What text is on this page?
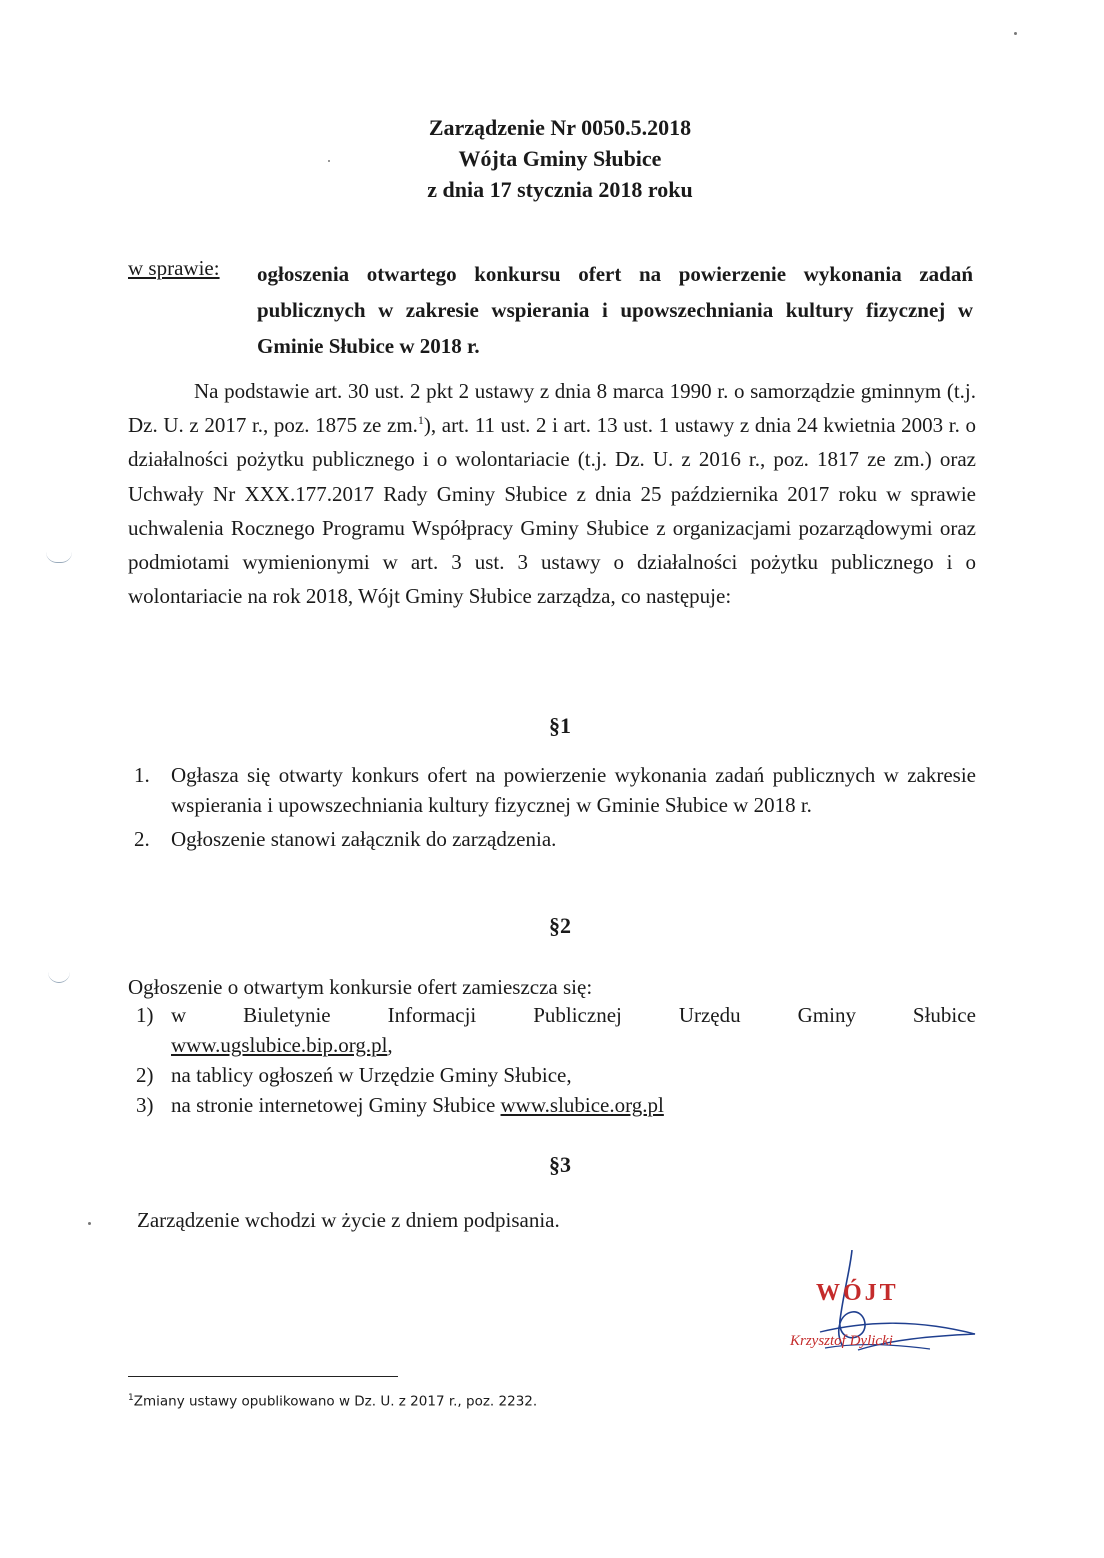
Zarządzenie Nr 0050.5.2018
Wójta Gminy Słubice
z dnia 17 stycznia 2018 roku
w sprawie: ogłoszenia otwartego konkursu ofert na powierzenie wykonania zadań publicznych w zakresie wspierania i upowszechniania kultury fizycznej w Gminie Słubice w 2018 r.
Na podstawie art. 30 ust. 2 pkt 2 ustawy z dnia 8 marca 1990 r. o samorządzie gminnym (t.j. Dz. U. z 2017 r., poz. 1875 ze zm.$^1$), art. 11 ust. 2 i art. 13 ust. 1 ustawy z dnia 24 kwietnia 2003 r. o działalności pożytku publicznego i o wolontariacie (t.j. Dz. U. z 2016 r., poz. 1817 ze zm.) oraz Uchwały Nr XXX.177.2017 Rady Gminy Słubice z dnia 25 października 2017 roku w sprawie uchwalenia Rocznego Programu Współpracy Gminy Słubice z organizacjami pozarządowymi oraz podmiotami wymienionymi w art. 3 ust. 3 ustawy o działalności pożytku publicznego i o wolontariacie na rok 2018, Wójt Gminy Słubice zarządza, co następuje:
§1
1. Ogłasza się otwarty konkurs ofert na powierzenie wykonania zadań publicznych w zakresie wspierania i upowszechniania kultury fizycznej w Gminie Słubice w 2018 r.
2. Ogłoszenie stanowi załącznik do zarządzenia.
§2
Ogłoszenie o otwartym konkursie ofert zamieszcza się:
1) w	Biuletynie	Informacji	Publicznej	Urzędu	Gminy	Słubice
www.ugslubice.bip.org.pl,
2) na tablicy ogłoszeń w Urzędzie Gminy Słubice,
3) na stronie internetowej Gminy Słubice www.slubice.org.pl
§3
Zarządzenie wchodzi w życie z dniem podpisania.
WÓJT
Krzysztof Dylicki
$^1$Zmiany ustawy opublikowano w Dz. U. z 2017 r., poz. 2232.
